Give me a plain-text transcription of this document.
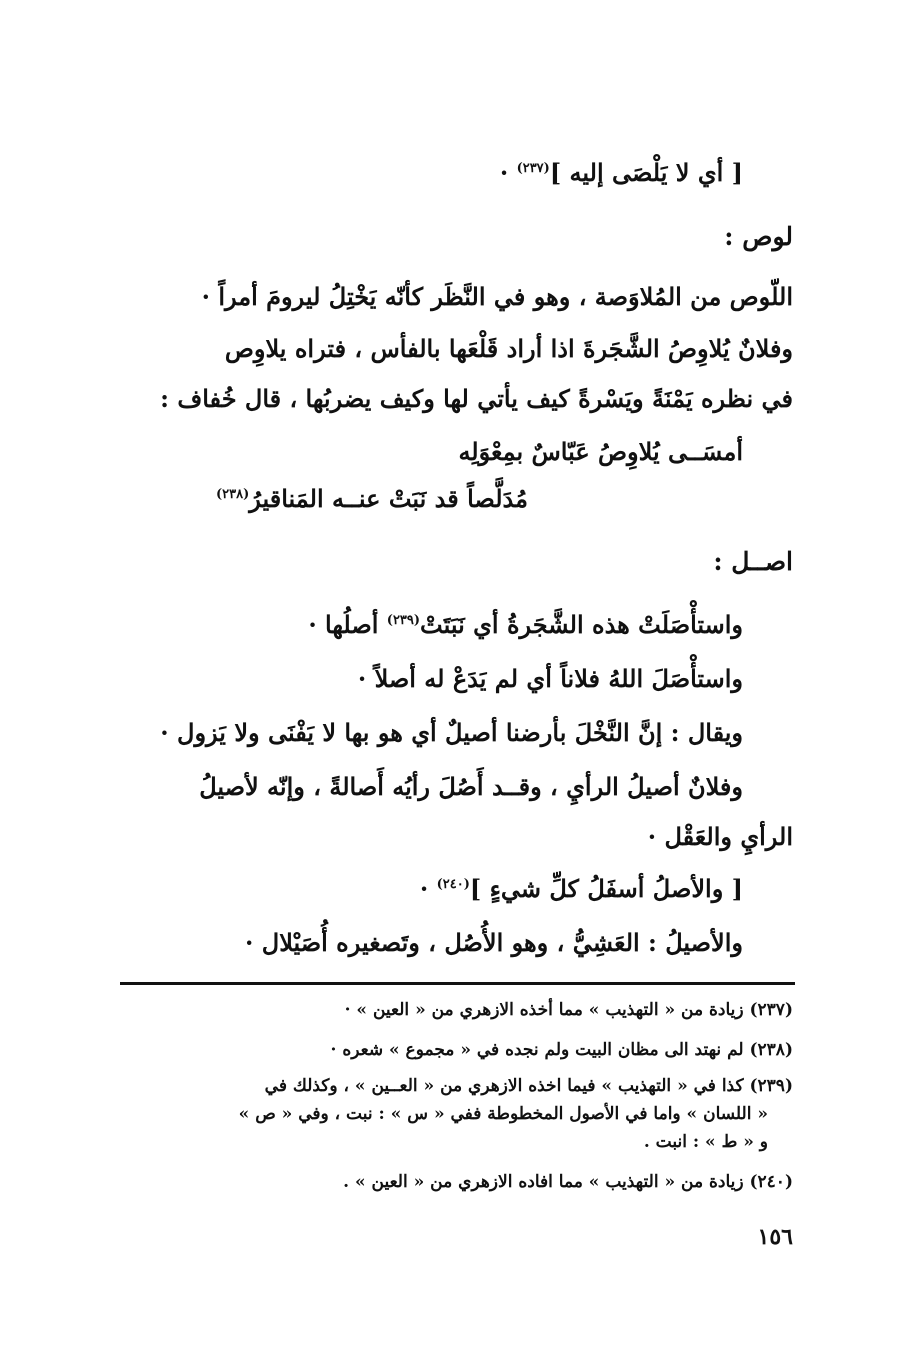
[ أي لا يَلْصَى إليه ]$^{(٢٣٧)}$ ·
لوص :
اللّوص من المُلاوَصة ، وهو في النَّظَر كأنّه يَخْتِلُ ليرومَ أمراً ·
وفلانٌ يُلاوِصُ الشَّجَرةَ اذا أراد قَلْعَها بالفأس ، فتراه يلاوِص
في نظره يَمْنَةً ويَسْرةً كيف يأتي لها وكيف يضربُها ، قال خُفاف :
أمسَــى يُلاوِصُ عَبّاسٌ بمِعْوَلِه
مُدَلَّصاً قد نَبَتْ عنــه المَناقيرُ$^{(٢٣٨)}$
اصــل :
واستأْصَلَتْ هذه الشَّجَرةُ أي نَبَتَتْ$^{(٢٣٩)}$ أصلُها ·
واستأْصَلَ اللهُ فلاناً أي لم يَدَعْ له أصلاً ·
ويقال : إنَّ النَّخْلَ بأرضنا أصيلٌ أي هو بها لا يَفْنَى ولا يَزول ·
وفلانٌ أصيلُ الرأيِ ، وقــد أَصُلَ رأيُه أَصالةً ، وإنّه لأصيلُ
الرأيِ والعَقْل ·
[ والأصلُ أسفَلُ كلِّ شيءٍ ]$^{(٢٤٠)}$ ·
والأصيلُ : العَشِيُّ ، وهو الأُصُل ، وتَصغيره أُصَيْلال ·
(٢٣٧) زيادة من « التهذيب » مما أخذه الازهري من « العين » ·
(٢٣٨) لم نهتد الى مظان البيت ولم نجده في « مجموع » شعره ·
(٢٣٩) كذا في « التهذيب » فيما اخذه الازهري من « العــين » ، وكذلك في
« اللسان » واما في الأصول المخطوطة ففي « س » : نبت ، وفي « ص »
و « ط » : انبت .
(٢٤٠) زيادة من « التهذيب » مما افاده الازهري من « العين » .
١٥٦
